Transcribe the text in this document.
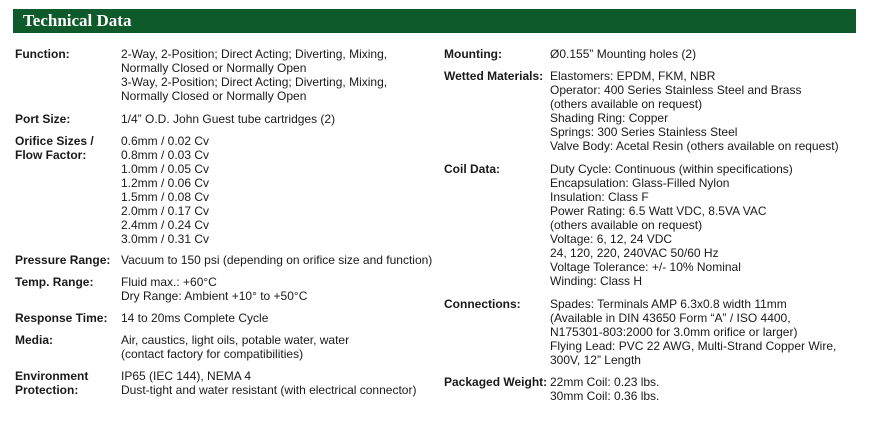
Technical Data
Function:	2-Way, 2-Position; Direct Acting; Diverting, Mixing,
Normally Closed or Normally Open
3-Way, 2-Position; Direct Acting; Diverting, Mixing,
Normally Closed or Normally Open
Port Size:	1/4” O.D. John Guest tube cartridges (2)
Orifice Sizes /
Flow Factor:
0.6mm / 0.02 Cv
0.8mm / 0.03 Cv
1.0mm / 0.05 Cv
1.2mm / 0.06 Cv
1.5mm / 0.08 Cv
2.0mm / 0.17 Cv
2.4mm / 0.24 Cv
3.0mm / 0.31 Cv
Pressure Range: Vacuum to 150 psi (depending on orifice size and function)
Temp. Range: Fluid max.: +60°C
Dry Range: Ambient +10° to +50°C
Response Time: 14 to 20ms Complete Cycle
Media:	Air, caustics, light oils, potable water, water
(contact factory for compatibilities)
Environment
Protection:
IP65 (IEC 144), NEMA 4
Dust-tight and water resistant (with electrical connector)
Mounting:	Ø0.155” Mounting holes (2)
Wetted Materials: Elastomers: EPDM, FKM, NBR
Operator: 400 Series Stainless Steel and Brass
(others available on request)
Shading Ring: Copper
Springs: 300 Series Stainless Steel
Valve Body: Acetal Resin (others available on request)
Coil Data:	Duty Cycle: Continuous (within specifications)
Encapsulation: Glass-Filled Nylon
Insulation: Class F
Power Rating: 6.5 Watt VDC, 8.5VA VAC
(others available on request)
Voltage: 6, 12, 24 VDC
24, 120, 220, 240VAC 50/60 Hz
Voltage Tolerance: +/- 10% Nominal
Winding: Class H
Connections: Spades: Terminals AMP 6.3x0.8 width 11mm
(Available in DIN 43650 Form “A” / ISO 4400,
N175301-803:2000 for 3.0mm orifice or larger)
Flying Lead: PVC 22 AWG, Multi-Strand Copper Wire,
300V, 12” Length
Packaged Weight: 22mm Coil: 0.23 lbs.
30mm Coil: 0.36 lbs.
